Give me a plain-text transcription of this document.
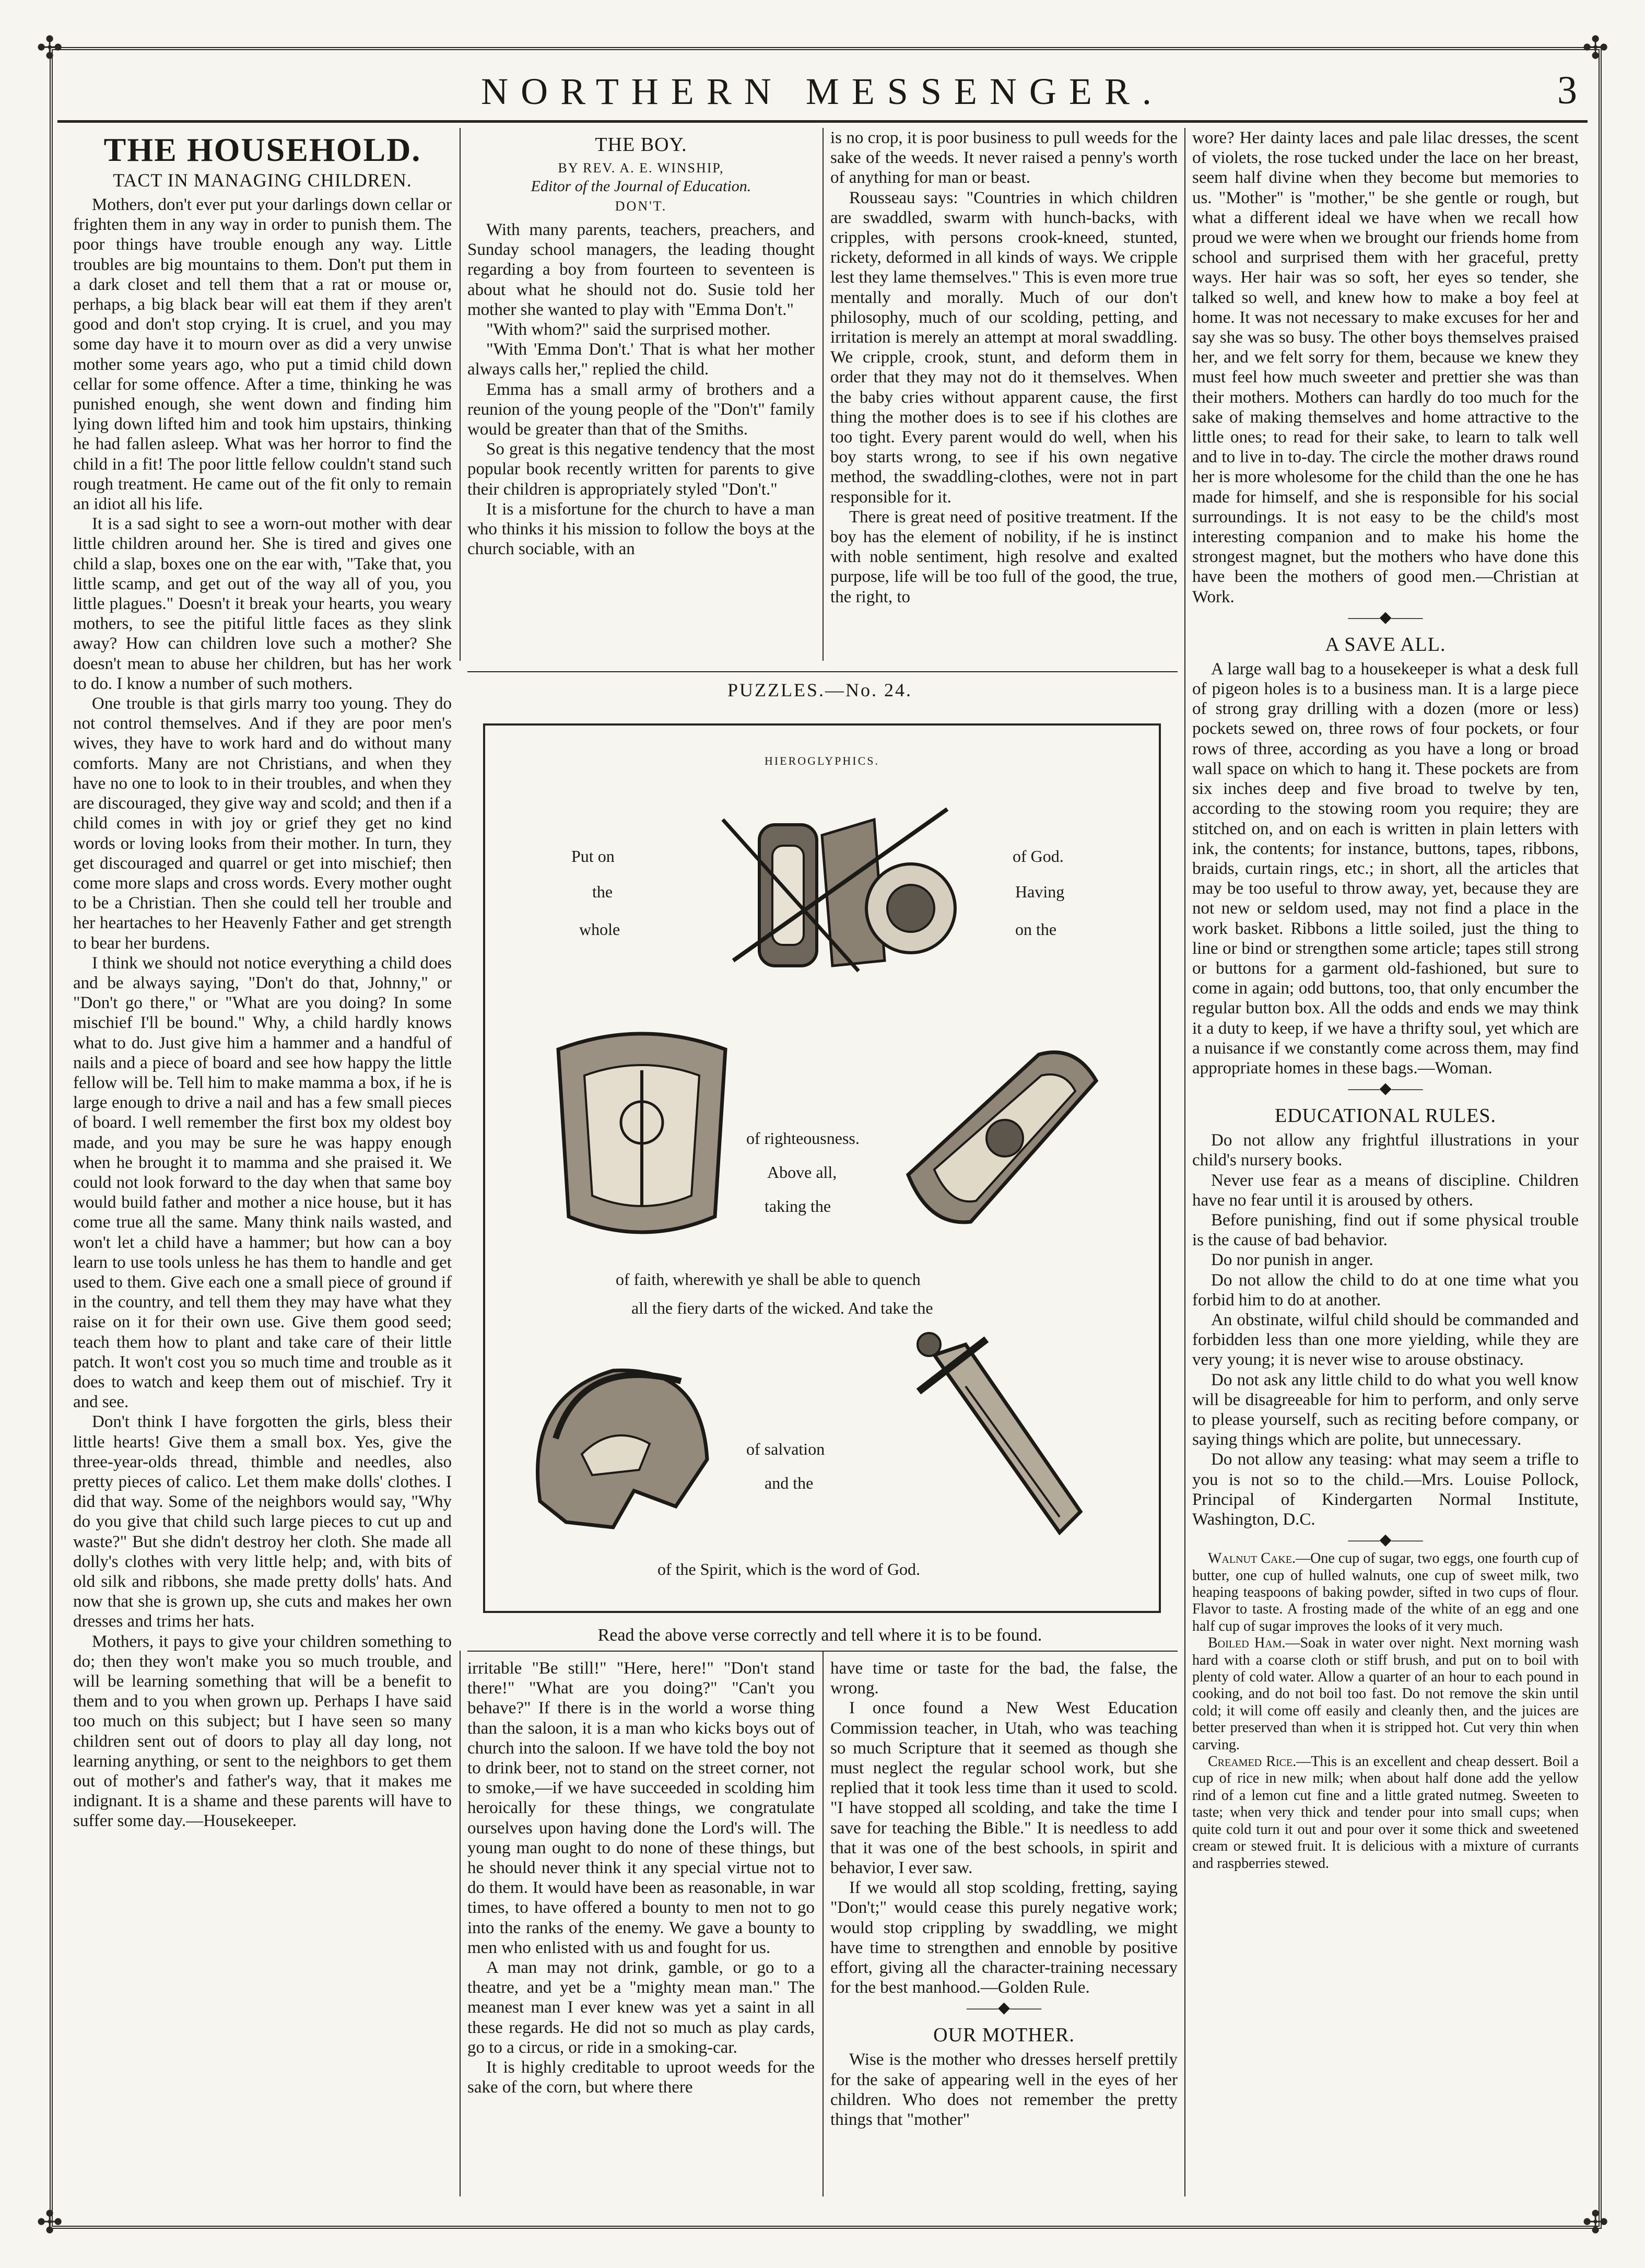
✣	✣
✣	✣
NORTHERN MESSENGER.	3
THE HOUSEHOLD.
TACT IN MANAGING CHILDREN.

Mothers, don't ever put your darlings down cellar or frighten them in any way in order to punish them. The poor things have trouble enough any way. Little troubles are big mountains to them. Don't put them in a dark closet and tell them that a rat or mouse or, perhaps, a big black bear will eat them if they aren't good and don't stop crying. It is cruel, and you may some day have it to mourn over as did a very unwise mother some years ago, who put a timid child down cellar for some offence. After a time, thinking he was punished enough, she went down and finding him lying down lifted him and took him upstairs, thinking he had fallen asleep. What was her horror to find the child in a fit! The poor little fellow couldn't stand such rough treatment. He came out of the fit only to remain an idiot all his life.

It is a sad sight to see a worn-out mother with dear little children around her. She is tired and gives one child a slap, boxes one on the ear with, "Take that, you little scamp, and get out of the way all of you, you little plagues." Doesn't it break your hearts, you weary mothers, to see the pitiful little faces as they slink away? How can children love such a mother? She doesn't mean to abuse her children, but has her work to do. I know a number of such mothers.

One trouble is that girls marry too young. They do not control themselves. And if they are poor men's wives, they have to work hard and do without many comforts. Many are not Christians, and when they have no one to look to in their troubles, and when they are discouraged, they give way and scold; and then if a child comes in with joy or grief they get no kind words or loving looks from their mother. In turn, they get discouraged and quarrel or get into mischief; then come more slaps and cross words. Every mother ought to be a Christian. Then she could tell her trouble and her heartaches to her Heavenly Father and get strength to bear her burdens.

I think we should not notice everything a child does and be always saying, "Don't do that, Johnny," or "Don't go there," or "What are you doing? In some mischief I'll be bound." Why, a child hardly knows what to do. Just give him a hammer and a handful of nails and a piece of board and see how happy the little fellow will be. Tell him to make mamma a box, if he is large enough to drive a nail and has a few small pieces of board. I well remember the first box my oldest boy made, and you may be sure he was happy enough when he brought it to mamma and she praised it. We could not look forward to the day when that same boy would build father and mother a nice house, but it has come true all the same. Many think nails wasted, and won't let a child have a hammer; but how can a boy learn to use tools unless he has them to handle and get used to them. Give each one a small piece of ground if in the country, and tell them they may have what they raise on it for their own use. Give them good seed; teach them how to plant and take care of their little patch. It won't cost you so much time and trouble as it does to watch and keep them out of mischief. Try it and see.

Don't think I have forgotten the girls, bless their little hearts! Give them a small box. Yes, give the three-year-olds thread, thimble and needles, also pretty pieces of calico. Let them make dolls' clothes. I did that way. Some of the neighbors would say, "Why do you give that child such large pieces to cut up and waste?" But she didn't destroy her cloth. She made all dolly's clothes with very little help; and, with bits of old silk and ribbons, she made pretty dolls' hats. And now that she is grown up, she cuts and makes her own dresses and trims her hats.

Mothers, it pays to give your children something to do; then they won't make you so much trouble, and will be learning something that will be a benefit to them and to you when grown up. Perhaps I have said too much on this subject; but I have seen so many children sent out of doors to play all day long, not learning anything, or sent to the neighbors to get them out of mother's and father's way, that it makes me indignant. It is a shame and these parents will have to suffer some day.—Housekeeper.

THE BOY.
BY REV. A. E. WINSHIP,
Editor of the Journal of Education.
DON'T.

With many parents, teachers, preachers, and Sunday school managers, the leading thought regarding a boy from fourteen to seventeen is about what he should not do. Susie told her mother she wanted to play with "Emma Don't."

"With whom?" said the surprised mother.

"With 'Emma Don't.' That is what her mother always calls her," replied the child.

Emma has a small army of brothers and a reunion of the young people of the "Don't" family would be greater than that of the Smiths.

So great is this negative tendency that the most popular book recently written for parents to give their children is appropriately styled "Don't."

It is a misfortune for the church to have a man who thinks it his mission to follow the boys at the church sociable, with an

is no crop, it is poor business to pull weeds for the sake of the weeds. It never raised a penny's worth of anything for man or beast.

Rousseau says: "Countries in which children are swaddled, swarm with hunch-backs, with cripples, with persons crook-kneed, stunted, rickety, deformed in all kinds of ways. We cripple lest they lame themselves." This is even more true mentally and morally. Much of our don't philosophy, much of our scolding, petting, and irritation is merely an attempt at moral swaddling. We cripple, crook, stunt, and deform them in order that they may not do it themselves. When the baby cries without apparent cause, the first thing the mother does is to see if his clothes are too tight. Every parent would do well, when his boy starts wrong, to see if his own negative method, the swaddling-clothes, were not in part responsible for it.

There is great need of positive treatment. If the boy has the element of nobility, if he is instinct with noble sentiment, high resolve and exalted purpose, life will be too full of the good, the true, the right, to

wore? Her dainty laces and pale lilac dresses, the scent of violets, the rose tucked under the lace on her breast, seem half divine when they become but memories to us. "Mother" is "mother," be she gentle or rough, but what a different ideal we have when we recall how proud we were when we brought our friends home from school and surprised them with her graceful, pretty ways. Her hair was so soft, her eyes so tender, she talked so well, and knew how to make a boy feel at home. It was not necessary to make excuses for her and say she was so busy. The other boys themselves praised her, and we felt sorry for them, because we knew they must feel how much sweeter and prettier she was than their mothers. Mothers can hardly do too much for the sake of making themselves and home attractive to the little ones; to read for their sake, to learn to talk well and to live in to-day. The circle the mother draws round her is more wholesome for the child than the one he has made for himself, and she is responsible for his social surroundings. It is not easy to be the child's most interesting companion and to make his home the strongest magnet, but the mothers who have done this have been the mothers of good men.—Christian at Work.

——◆——
A SAVE ALL.

A large wall bag to a housekeeper is what a desk full of pigeon holes is to a business man. It is a large piece of strong gray drilling with a dozen (more or less) pockets sewed on, three rows of four pockets, or four rows of three, according as you have a long or broad wall space on which to hang it. These pockets are from six inches deep and five broad to twelve by ten, according to the stowing room you require; they are stitched on, and on each is written in plain letters with ink, the contents; for instance, buttons, tapes, ribbons, braids, curtain rings, etc.; in short, all the articles that may be too useful to throw away, yet, because they are not new or seldom used, may not find a place in the work basket. Ribbons a little soiled, just the thing to line or bind or strengthen some article; tapes still strong or buttons for a garment old-fashioned, but sure to come in again; odd buttons, too, that only encumber the regular button box. All the odds and ends we may think it a duty to keep, if we have a thrifty soul, yet which are a nuisance if we constantly come across them, may find appropriate homes in these bags.—Woman.

——◆——
EDUCATIONAL RULES.

Do not allow any frightful illustrations in your child's nursery books.

Never use fear as a means of discipline. Children have no fear until it is aroused by others.

Before punishing, find out if some physical trouble is the cause of bad behavior.

Do nor punish in anger.

Do not allow the child to do at one time what you forbid him to do at another.

An obstinate, wilful child should be commanded and forbidden less than one more yielding, while they are very young; it is never wise to arouse obstinacy.

Do not ask any little child to do what you well know will be disagreeable for him to perform, and only serve to please yourself, such as reciting before company, or saying things which are polite, but unnecessary.

Do not allow any teasing: what may seem a trifle to you is not so to the child.—Mrs. Louise Pollock, Principal of Kindergarten Normal Institute, Washington, D.C.

——◆——

Walnut Cake.—One cup of sugar, two eggs, one fourth cup of butter, one cup of hulled walnuts, one cup of sweet milk, two heaping teaspoons of baking powder, sifted in two cups of flour. Flavor to taste. A frosting made of the white of an egg and one half cup of sugar improves the looks of it very much.

Boiled Ham.—Soak in water over night. Next morning wash hard with a coarse cloth or stiff brush, and put on to boil with plenty of cold water. Allow a quarter of an hour to each pound in cooking, and do not boil too fast. Do not remove the skin until cold; it will come off easily and cleanly then, and the juices are better preserved than when it is stripped hot. Cut very thin when carving.

Creamed Rice.—This is an excellent and cheap dessert. Boil a cup of rice in new milk; when about half done add the yellow rind of a lemon cut fine and a little grated nutmeg. Sweeten to taste; when very thick and tender pour into small cups; when quite cold turn it out and pour over it some thick and sweetened cream or stewed fruit. It is delicious with a mixture of currants and raspberries stewed.

PUZZLES.—No. 24.
HIEROGLYPHICS.
Put on
the
whole
of God.
Having
on the
of righteousness.
Above all,
taking the
of faith, wherewith ye shall be able to quench
all the fiery darts of the wicked. And take the
of salvation
and the
of the Spirit, which is the word of God.
Read the above verse correctly and tell where it is to be found.

irritable "Be still!" "Here, here!" "Don't stand there!" "What are you doing?" "Can't you behave?" If there is in the world a worse thing than the saloon, it is a man who kicks boys out of church into the saloon. If we have told the boy not to drink beer, not to stand on the street corner, not to smoke,—if we have succeeded in scolding him heroically for these things, we congratulate ourselves upon having done the Lord's will. The young man ought to do none of these things, but he should never think it any special virtue not to do them. It would have been as reasonable, in war times, to have offered a bounty to men not to go into the ranks of the enemy. We gave a bounty to men who enlisted with us and fought for us.

A man may not drink, gamble, or go to a theatre, and yet be a "mighty mean man." The meanest man I ever knew was yet a saint in all these regards. He did not so much as play cards, go to a circus, or ride in a smoking-car.

It is highly creditable to uproot weeds for the sake of the corn, but where there

have time or taste for the bad, the false, the wrong.

I once found a New West Education Commission teacher, in Utah, who was teaching so much Scripture that it seemed as though she must neglect the regular school work, but she replied that it took less time than it used to scold. "I have stopped all scolding, and take the time I save for teaching the Bible." It is needless to add that it was one of the best schools, in spirit and behavior, I ever saw.

If we would all stop scolding, fretting, saying "Don't;" would cease this purely negative work; would stop crippling by swaddling, we might have time to strengthen and ennoble by positive effort, giving all the character-training necessary for the best manhood.—Golden Rule.

——◆——
OUR MOTHER.

Wise is the mother who dresses herself prettily for the sake of appearing well in the eyes of her children. Who does not remember the pretty things that "mother"
